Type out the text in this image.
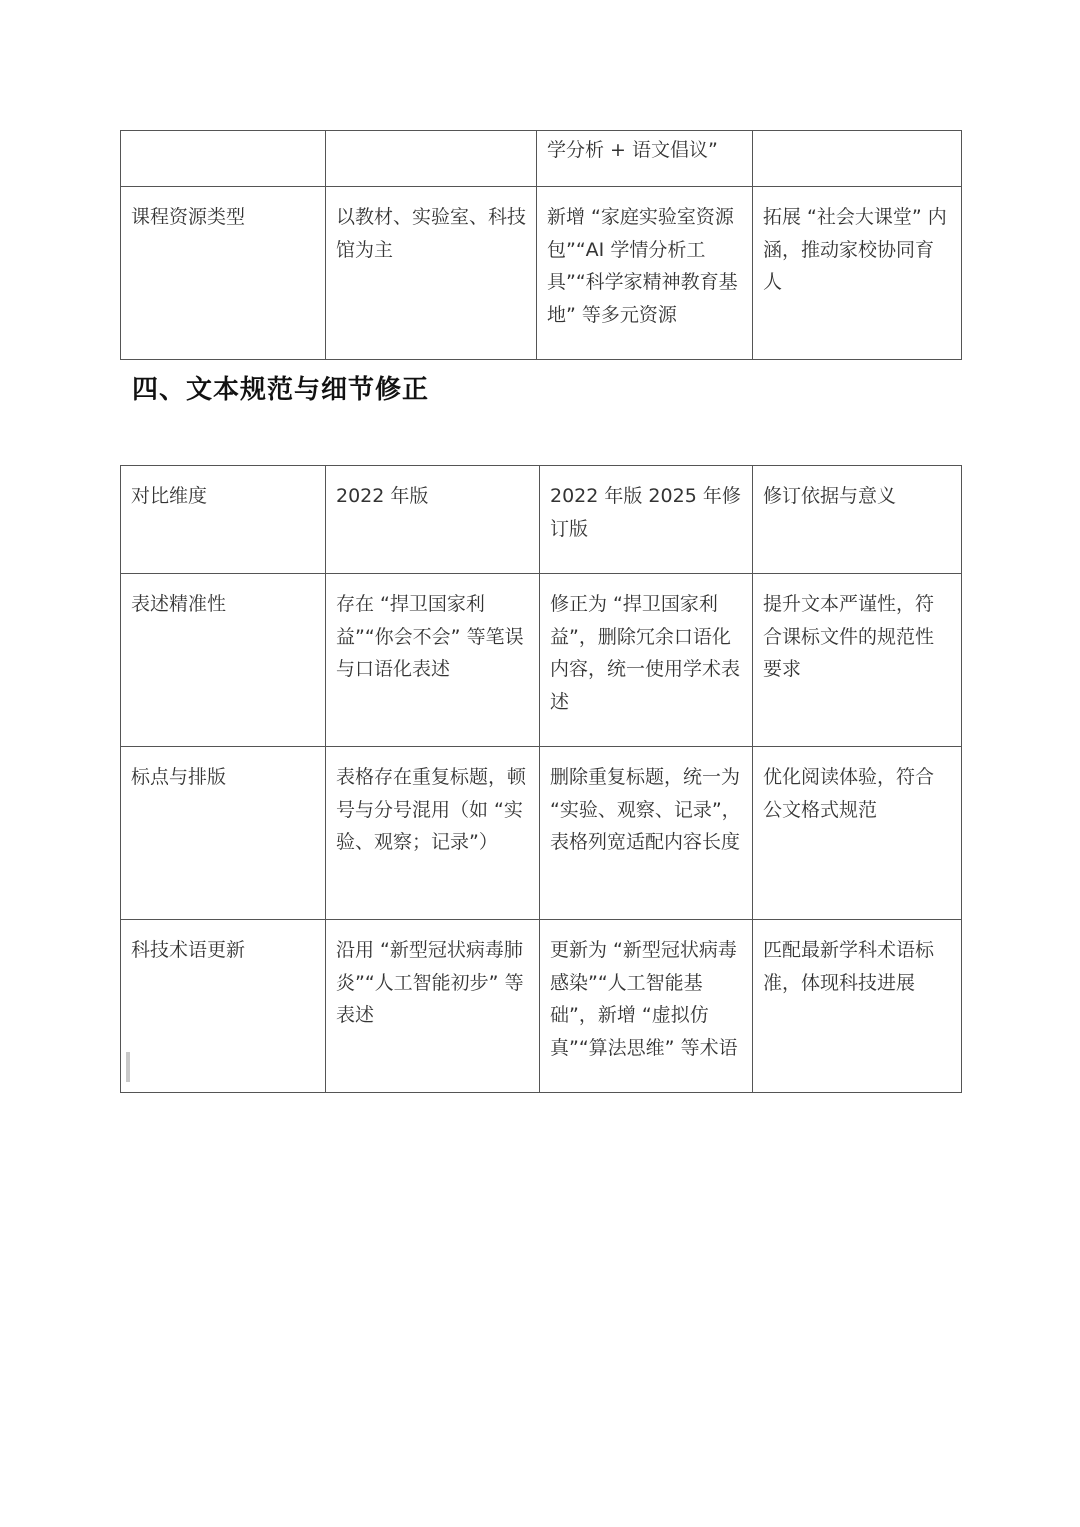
		学分析 + 语文倡议”	
课程资源类型	以教材、实验室、科技馆为主	新增 “家庭实验室资源包”“AI 学情分析工具”“科学家精神教育基地” 等多元资源	拓展 “社会大课堂” 内涵，推动家校协同育人
四、文本规范与细节修正
对比维度	2022 年版	2022 年版 2025 年修订版	修订依据与意义
表述精准性	存在 “捍卫国家利益”“你会不会” 等笔误与口语化表述	修正为 “捍卫国家利益”，删除冗余口语化内容，统一使用学术表述	提升文本严谨性，符合课标文件的规范性要求
标点与排版	表格存在重复标题，顿号与分号混用（如 “实验、观察；记录”）	删除重复标题，统一为 “实验、观察、记录”，表格列宽适配内容长度	优化阅读体验，符合公文格式规范
科技术语更新	沿用 “新型冠状病毒肺炎”“人工智能初步” 等表述	更新为 “新型冠状病毒感染”“人工智能基础”，新增 “虚拟仿真”“算法思维” 等术语	匹配最新学科术语标准，体现科技进展
